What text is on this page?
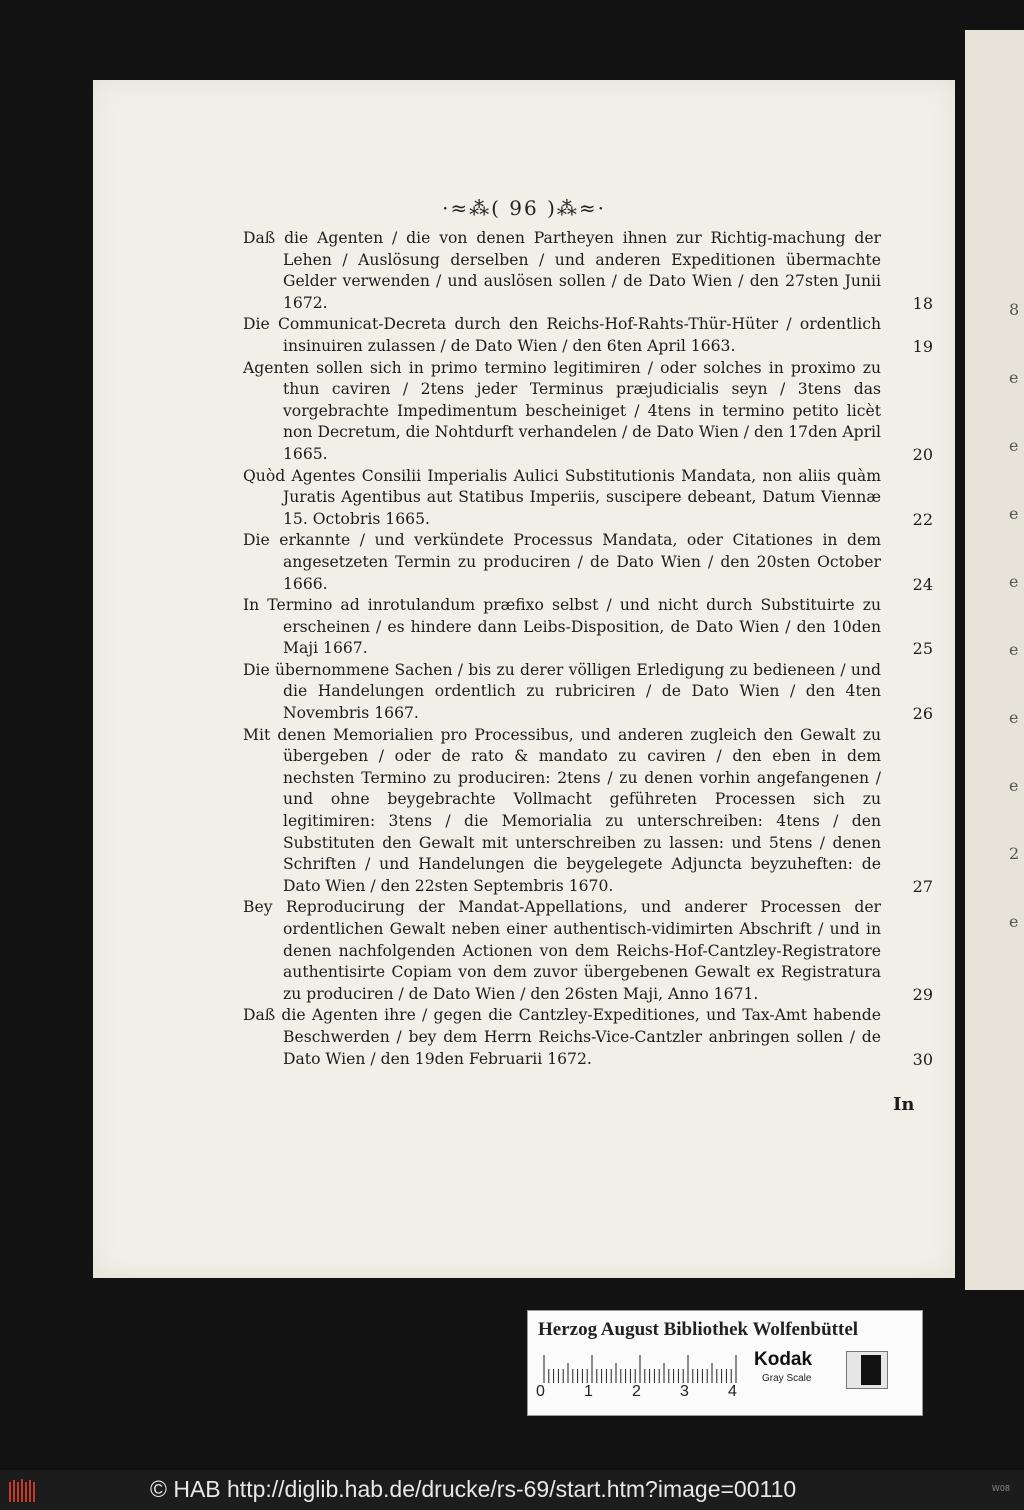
8
e
e
e
e
e
e
e
2
e
·≈⁂( 96 )⁂≈·

Daß die Agenten / die von denen Partheyen ihnen zur Richtig-machung der Lehen / Auslösung derselben / und anderen Expeditionen übermachte Gelder verwenden / und auslösen sollen / de Dato Wien / den 27sten Junii 1672.	18

Die Communicat-Decreta durch den Reichs-Hof-Rahts-Thür-Hüter / ordentlich insinuiren zulassen / de Dato Wien / den 6ten April 1663.	19

Agenten sollen sich in primo termino legitimiren / oder solches in proximo zu thun caviren / 2tens jeder Terminus præjudicialis seyn / 3tens das vorgebrachte Impedimentum bescheiniget / 4tens in termino petito licèt non Decretum, die Nohtdurft verhandelen / de Dato Wien / den 17den April 1665.	20

Quòd Agentes Consilii Imperialis Aulici Substitutionis Mandata, non aliis quàm Juratis Agentibus aut Statibus Imperiis, suscipere debeant, Datum Viennæ 15. Octobris 1665.	22

Die erkannte / und verkündete Processus Mandata, oder Citationes in dem angesetzeten Termin zu produciren / de Dato Wien / den 20sten October 1666.	24

In Termino ad inrotulandum præfixo selbst / und nicht durch Substituirte zu erscheinen / es hindere dann Leibs-Disposition, de Dato Wien / den 10den Maji 1667.	25

Die übernommene Sachen / bis zu derer völligen Erledigung zu bedieneen / und die Handelungen ordentlich zu rubriciren / de Dato Wien / den 4ten Novembris 1667.	26

Mit denen Memorialien pro Processibus, und anderen zugleich den Gewalt zu übergeben / oder de rato & mandato zu caviren / den eben in dem nechsten Termino zu produciren: 2tens / zu denen vorhin angefangenen / und ohne beygebrachte Vollmacht geführeten Processen sich zu legitimiren: 3tens / die Memorialia zu unterschreiben: 4tens / den Substituten den Gewalt mit unterschreiben zu lassen: und 5tens / denen Schriften / und Handelungen die beygelegete Adjuncta beyzuheften: de Dato Wien / den 22sten Septembris 1670.	27

Bey Reproducirung der Mandat-Appellations, und anderer Processen der ordentlichen Gewalt neben einer authentisch-vidimirten Abschrift / und in denen nachfolgenden Actionen von dem Reichs-Hof-Cantzley-Registratore authentisirte Copiam von dem zuvor übergebenen Gewalt ex Registratura zu produciren / de Dato Wien / den 26sten Maji, Anno 1671.	29

Daß die Agenten ihre / gegen die Cantzley-Expeditiones, und Tax-Amt habende Beschwerden / bey dem Herrn Reichs-Vice-Cantzler anbringen sollen / de Dato Wien / den 19den Februarii 1672.	30

In
Herzog August Bibliothek Wolfenbüttel
0 1 2 3 4
Kodak
Gray Scale
© HAB http://diglib.hab.de/drucke/rs-69/start.htm?image=00110	W08
